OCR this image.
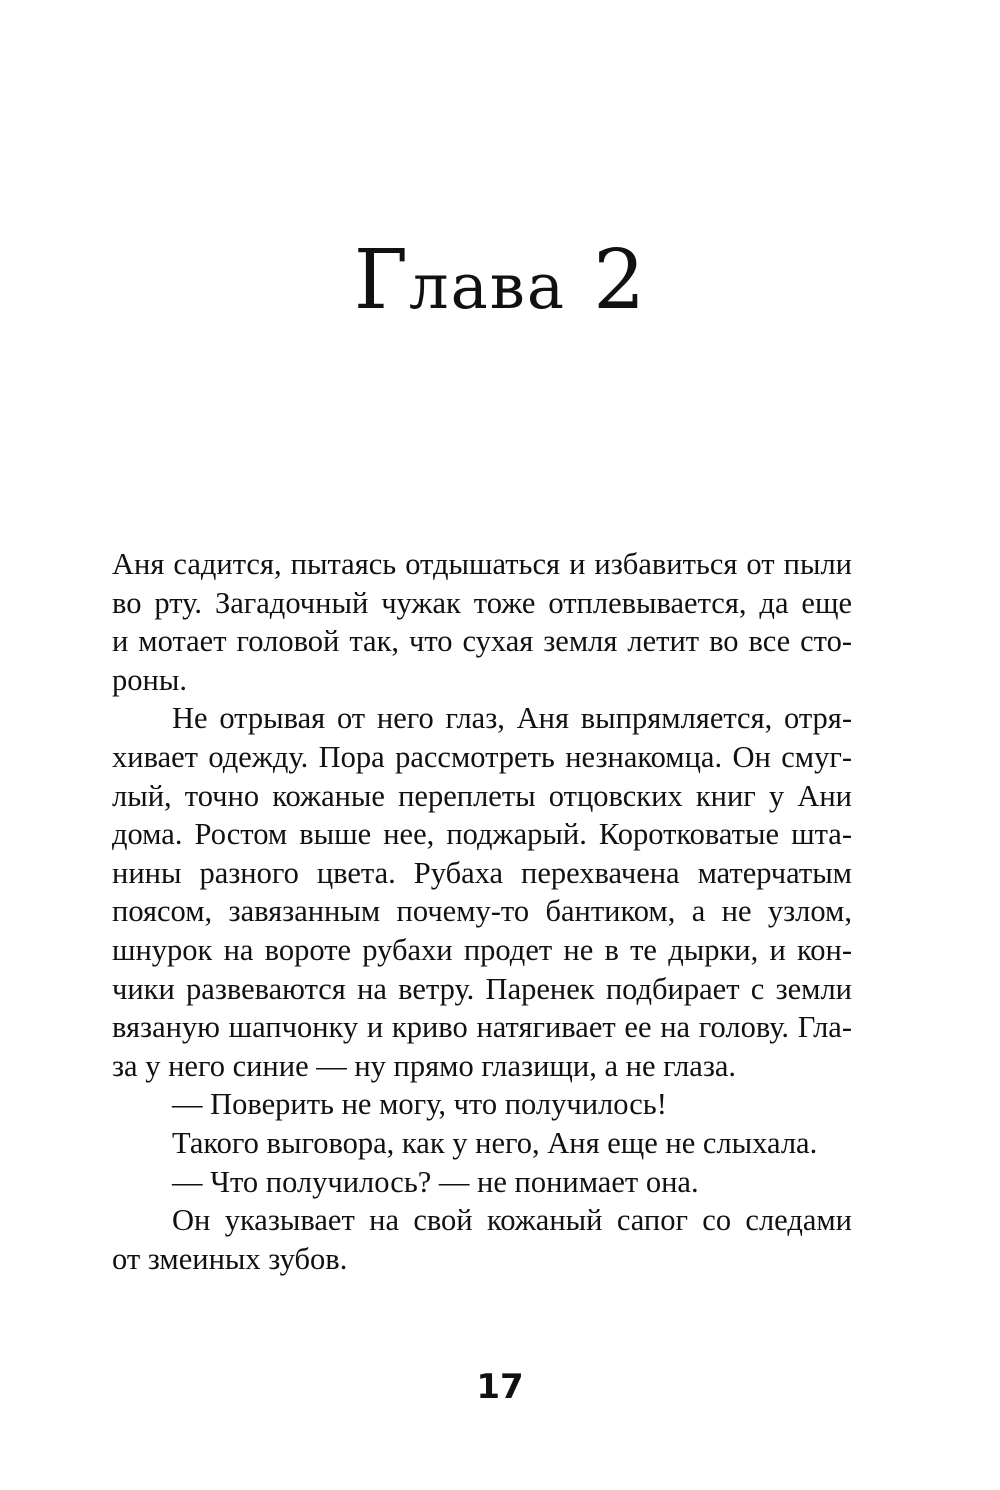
Глава 2
Аня садится, пытаясь отдышаться и избавиться от пыли
во рту. Загадочный чужак тоже отплевывается, да еще
и мотает головой так, что сухая земля летит во все сто-
роны.
Не отрывая от него глаз, Аня выпрямляется, отря-
хивает одежду. Пора рассмотреть незнакомца. Он смуг-
лый, точно кожаные переплеты отцовских книг у Ани
дома. Ростом выше нее, поджарый. Коротковатые шта-
нины разного цвета. Рубаха перехвачена матерчатым
поясом, завязанным почему-то бантиком, а не узлом,
шнурок на вороте рубахи продет не в те дырки, и кон-
чики развеваются на ветру. Паренек подбирает с земли
вязаную шапчонку и криво натягивает ее на голову. Гла-
за у него синие — ну прямо глазищи, а не глаза.
— Поверить не могу, что получилось!
Такого выговора, как у него, Аня еще не слыхала.
— Что получилось? — не понимает она.
Он указывает на свой кожаный сапог со следами
от змеиных зубов.
17
